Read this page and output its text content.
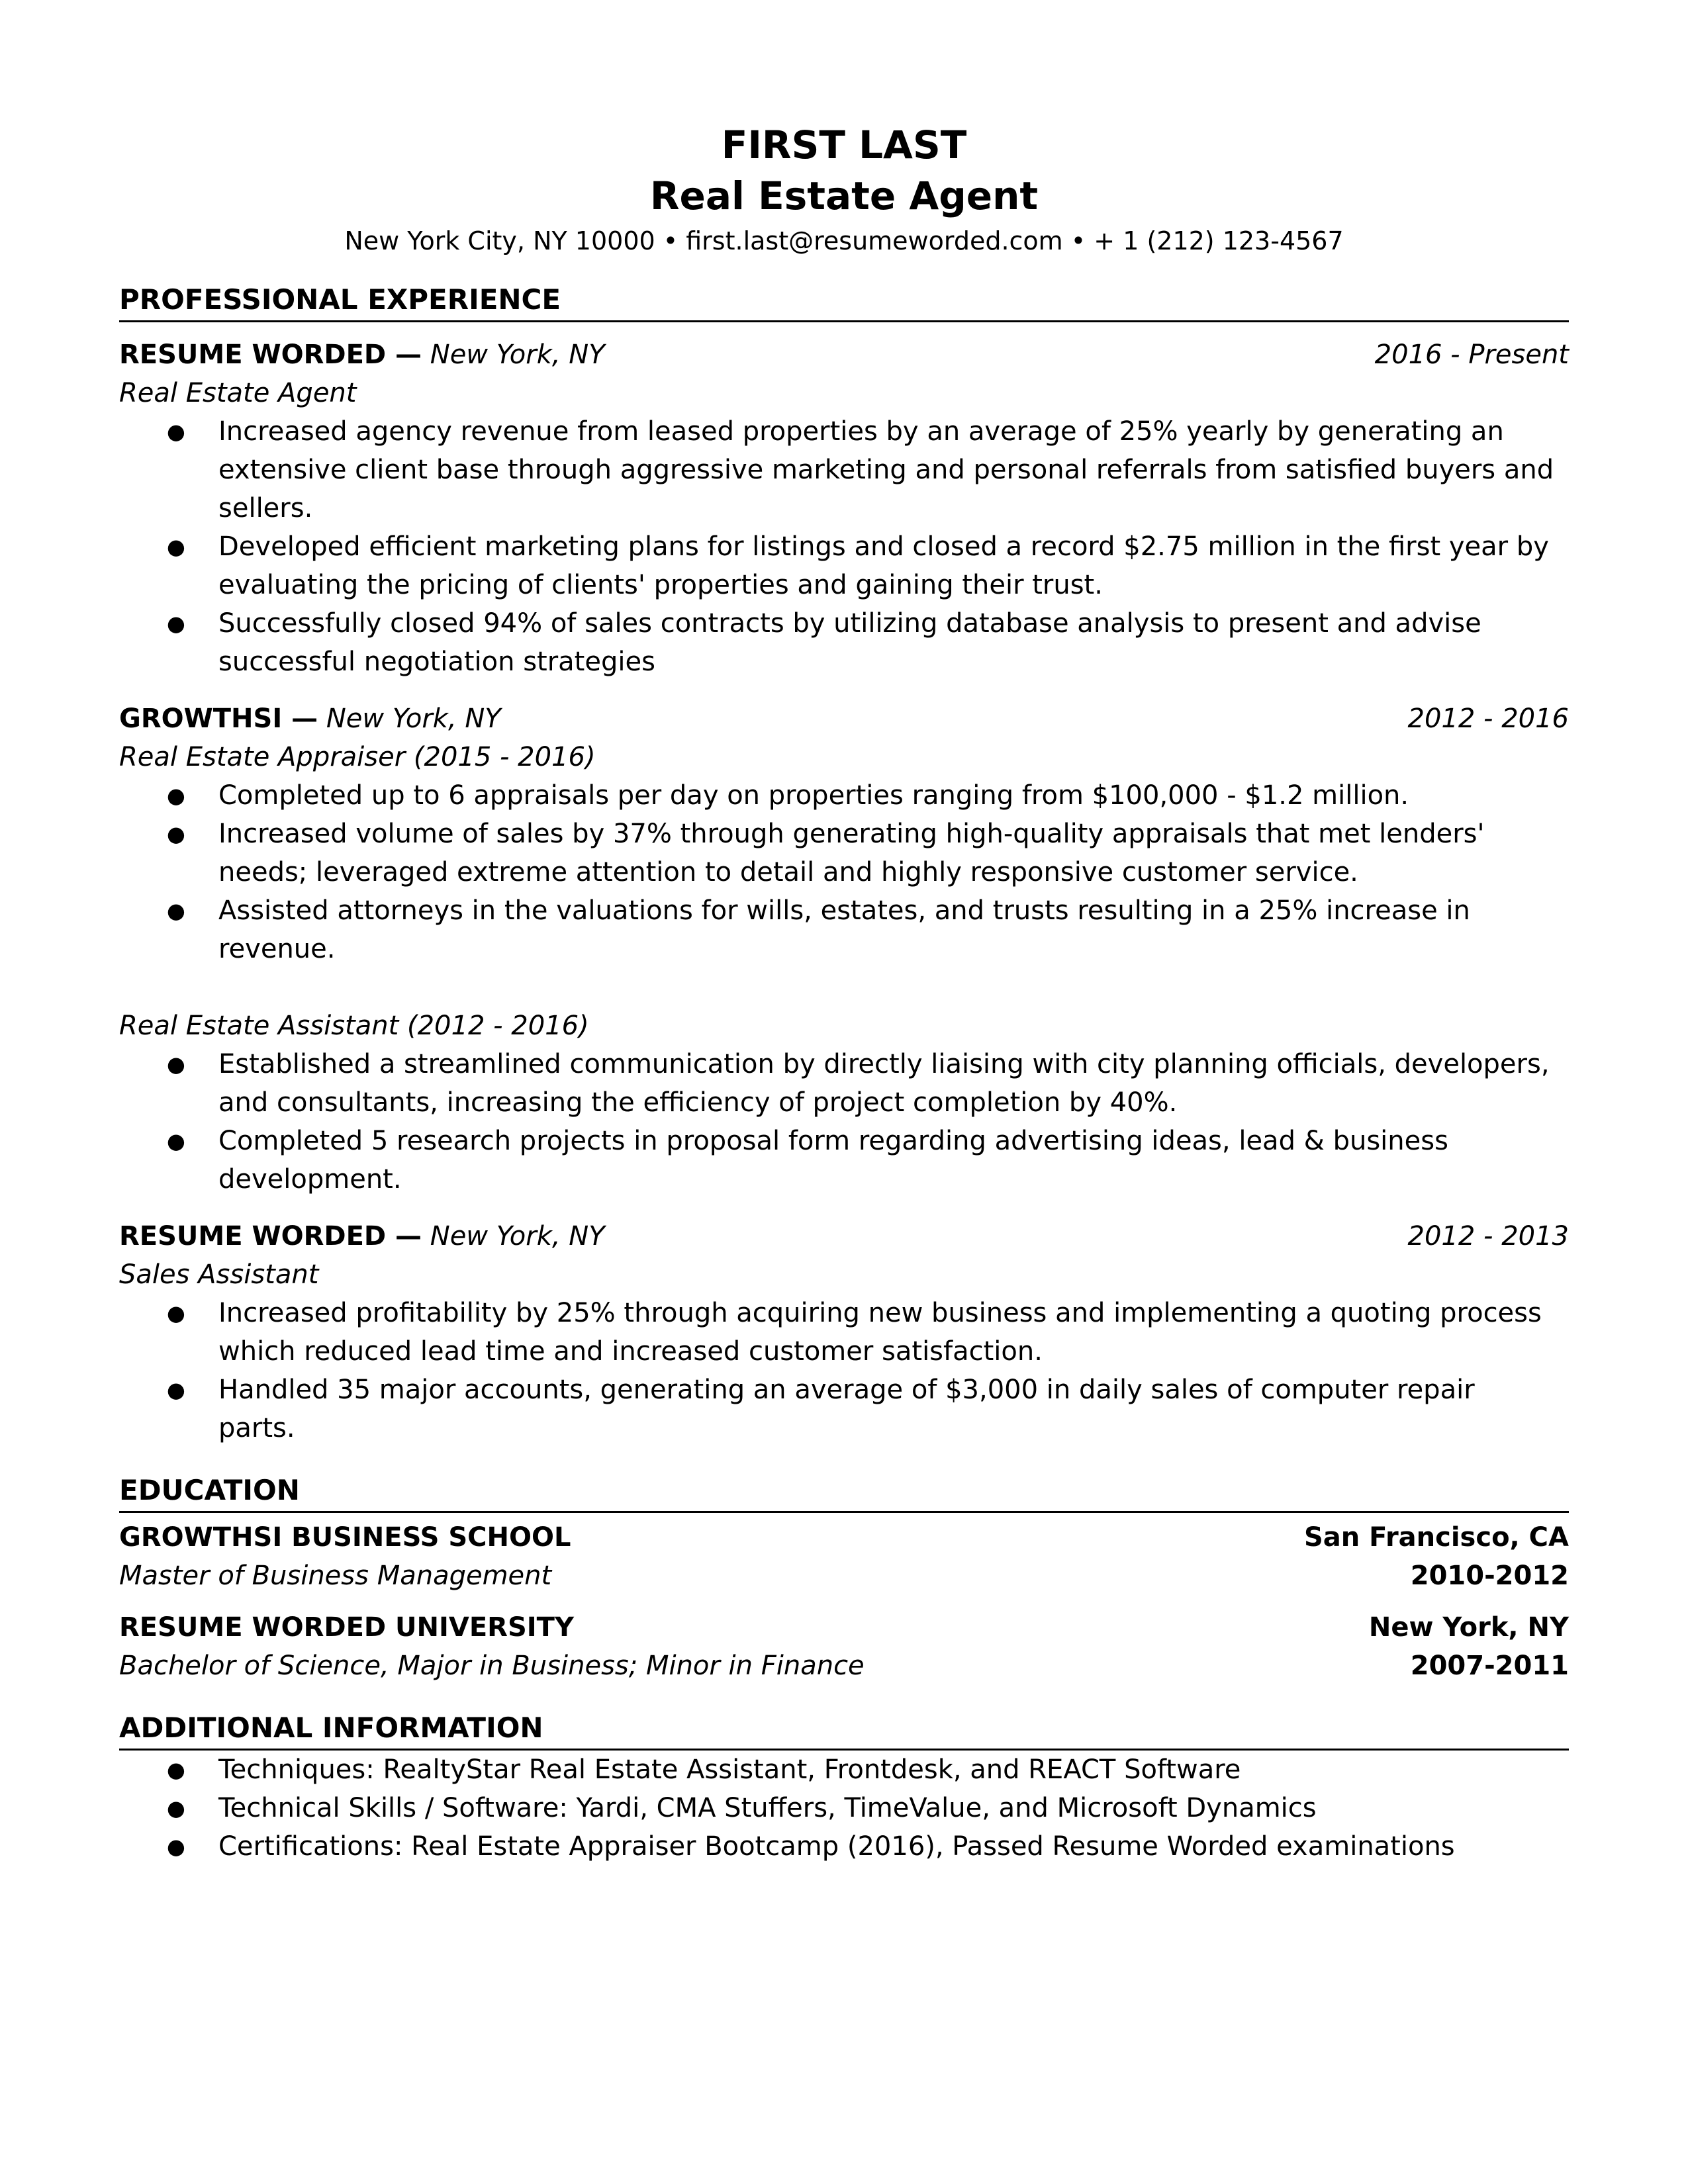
FIRST LAST
Real Estate Agent
New York City, NY 10000 • first.last@resumeworded.com • + 1 (212) 123-4567
PROFESSIONAL EXPERIENCE
RESUME WORDED — New York, NY	2016 - Present
Real Estate Agent
● Increased agency revenue from leased properties by an average of 25% yearly by generating an extensive client base through aggressive marketing and personal referrals from satisfied buyers and sellers.
● Developed efficient marketing plans for listings and closed a record $2.75 million in the first year by evaluating the pricing of clients' properties and gaining their trust.
● Successfully closed 94% of sales contracts by utilizing database analysis to present and advise successful negotiation strategies
GROWTHSI — New York, NY	2012 - 2016
Real Estate Appraiser (2015 - 2016)
● Completed up to 6 appraisals per day on properties ranging from $100,000 - $1.2 million.
● Increased volume of sales by 37% through generating high-quality appraisals that met lenders' needs; leveraged extreme attention to detail and highly responsive customer service.
● Assisted attorneys in the valuations for wills, estates, and trusts resulting in a 25% increase in revenue.
Real Estate Assistant (2012 - 2016)
● Established a streamlined communication by directly liaising with city planning officials, developers, and consultants, increasing the efficiency of project completion by 40%.
● Completed 5 research projects in proposal form regarding advertising ideas, lead & business development.
RESUME WORDED — New York, NY	2012 - 2013
Sales Assistant
● Increased profitability by 25% through acquiring new business and implementing a quoting process which reduced lead time and increased customer satisfaction.
● Handled 35 major accounts, generating an average of $3,000 in daily sales of computer repair parts.
EDUCATION
GROWTHSI BUSINESS SCHOOL	San Francisco, CA
Master of Business Management	2010-2012
RESUME WORDED UNIVERSITY	New York, NY
Bachelor of Science, Major in Business; Minor in Finance	2007-2011
ADDITIONAL INFORMATION
● Techniques: RealtyStar Real Estate Assistant, Frontdesk, and REACT Software
● Technical Skills / Software: Yardi, CMA Stuffers, TimeValue, and Microsoft Dynamics
● Certifications: Real Estate Appraiser Bootcamp (2016), Passed Resume Worded examinations
